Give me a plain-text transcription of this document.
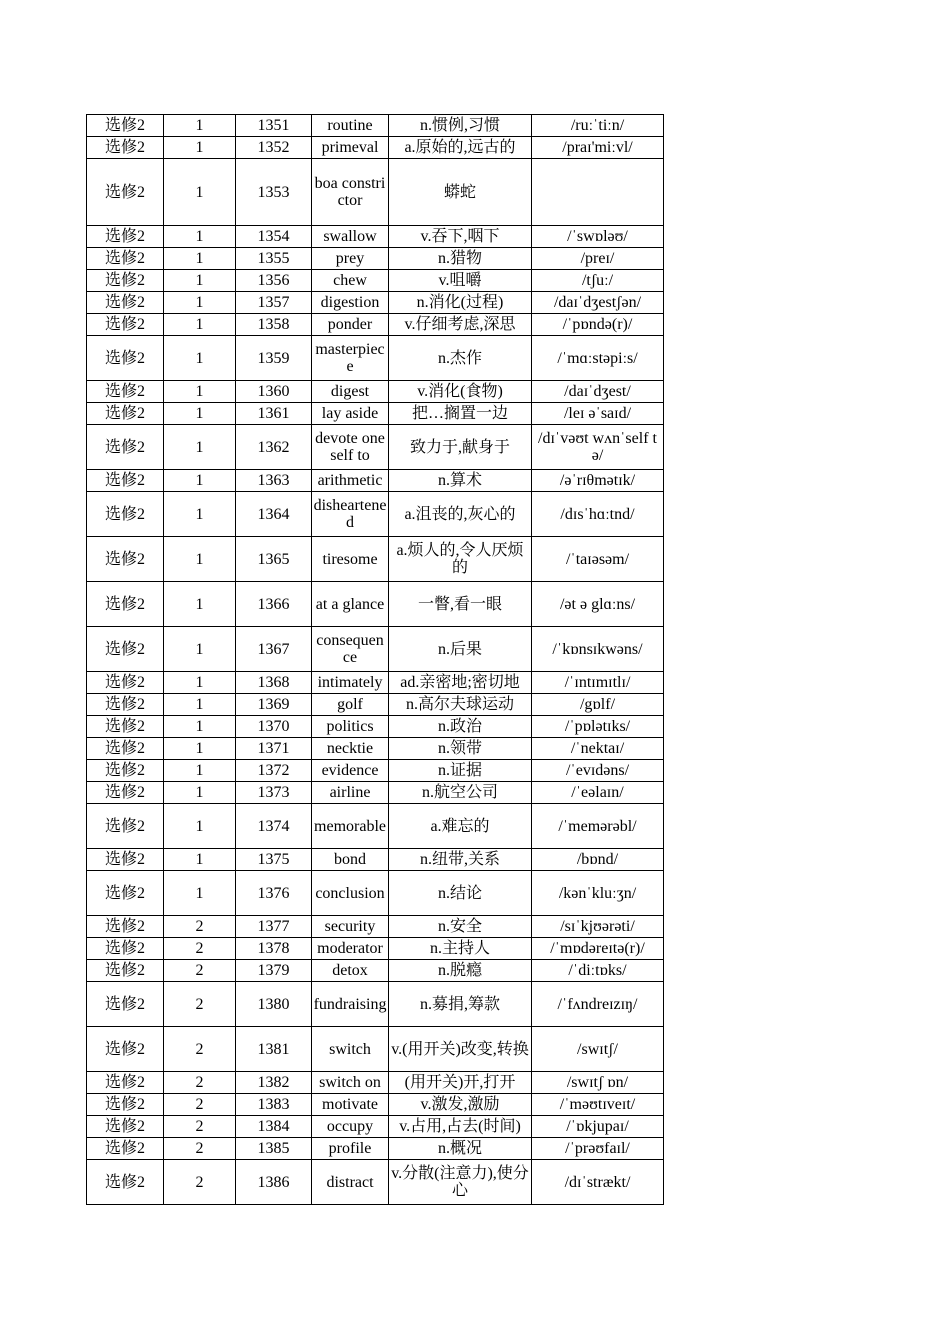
选修2	1	1351	routine	n.惯例,习惯	/ruːˈtiːn/
选修2	1	1352	primeval	a.原始的,远古的	/praɪ'miːvl/
选修2	1	1353	boa constrictor	蟒蛇	
选修2	1	1354	swallow	v.吞下,咽下	/ˈswɒləʊ/
选修2	1	1355	prey	n.猎物	/preɪ/
选修2	1	1356	chew	v.咀嚼	/tʃuː/
选修2	1	1357	digestion	n.消化(过程)	/daɪˈdʒestʃən/
选修2	1	1358	ponder	v.仔细考虑,深思	/ˈpɒndə(r)/
选修2	1	1359	masterpiece	n.杰作	/ˈmɑːstəpiːs/
选修2	1	1360	digest	v.消化(食物)	/daɪˈdʒest/
选修2	1	1361	lay aside	把…搁置一边	/leɪ əˈsaɪd/
选修2	1	1362	devote oneself to	致力于,献身于	/dɪˈvəʊt wʌnˈself tə/
选修2	1	1363	arithmetic	n.算术	/əˈrɪθmətɪk/
选修2	1	1364	disheartened	a.沮丧的,灰心的	/dɪsˈhɑːtnd/
选修2	1	1365	tiresome	a.烦人的,令人厌烦的	/ˈtaɪəsəm/
选修2	1	1366	at a glance	一瞥,看一眼	/ət ə glɑːns/
选修2	1	1367	consequence	n.后果	/ˈkɒnsɪkwəns/
选修2	1	1368	intimately	ad.亲密地;密切地	/ˈɪntɪmɪtlɪ/
选修2	1	1369	golf	n.高尔夫球运动	/gɒlf/
选修2	1	1370	politics	n.政治	/ˈpɒlətɪks/
选修2	1	1371	necktie	n.领带	/ˈnektaɪ/
选修2	1	1372	evidence	n.证据	/ˈevɪdəns/
选修2	1	1373	airline	n.航空公司	/ˈeəlaɪn/
选修2	1	1374	memorable	a.难忘的	/ˈmemərəbl/
选修2	1	1375	bond	n.纽带,关系	/bɒnd/
选修2	1	1376	conclusion	n.结论	/kənˈkluːʒn/
选修2	2	1377	security	n.安全	/sɪˈkjʊərəti/
选修2	2	1378	moderator	n.主持人	/ˈmɒdəreɪtə(r)/
选修2	2	1379	detox	n.脱瘾	/ˈdiːtɒks/
选修2	2	1380	fundraising	n.募捐,筹款	/ˈfʌndreɪzɪŋ/
选修2	2	1381	switch	v.(用开关)改变,转换	/swɪtʃ/
选修2	2	1382	switch on	(用开关)开,打开	/swɪtʃ ɒn/
选修2	2	1383	motivate	v.激发,激励	/ˈməʊtɪveɪt/
选修2	2	1384	occupy	v.占用,占去(时间)	/ˈɒkjupaɪ/
选修2	2	1385	profile	n.概况	/ˈprəʊfaɪl/
选修2	2	1386	distract	v.分散(注意力),使分心	/dɪˈstrækt/
